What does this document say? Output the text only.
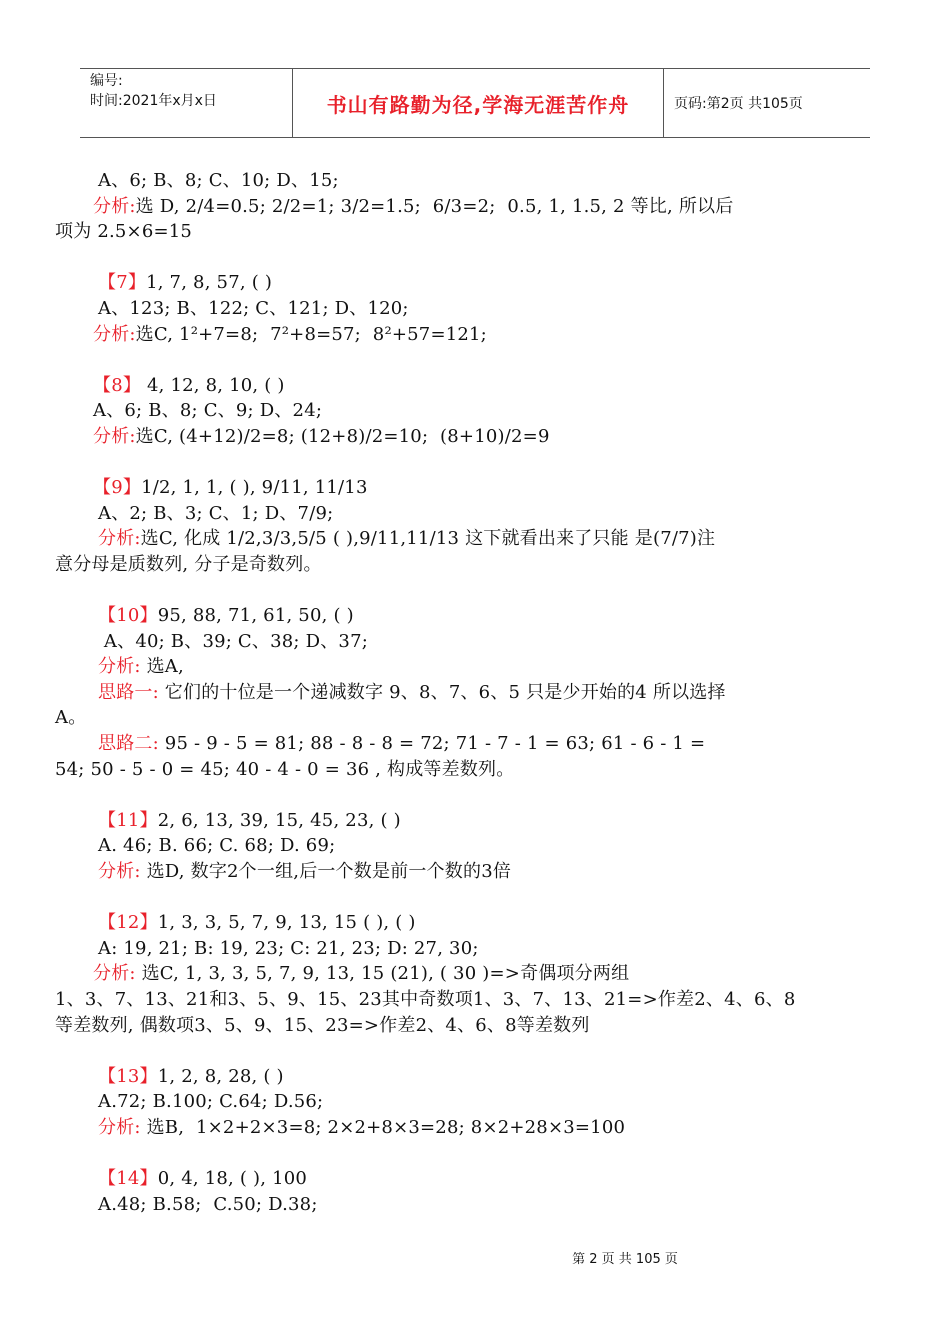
编号:
时间:2021年x月x日	书山有路勤为径,学海无涯苦作舟	页码:第2页 共105页
A、6; B、8; C、10; D、15;
分析:选 D, 2/4=0.5; 2/2=1; 3/2=1.5;  6/3=2;  0.5, 1, 1.5, 2 等比, 所以后
项为 2.5×6=15
【7】1, 7, 8, 57, ( )
A、123; B、122; C、121; D、120;
分析:选C, 1²+7=8;  7²+8=57;  8²+57=121;
【8】 4, 12, 8, 10, ( )
A、6; B、8; C、9; D、24;
分析:选C, (4+12)/2=8; (12+8)/2=10;  (8+10)/2=9
【9】1/2, 1, 1, ( ), 9/11, 11/13
A、2; B、3; C、1; D、7/9;
分析:选C, 化成 1/2,3/3,5/5 ( ),9/11,11/13 这下就看出来了只能 是(7/7)注
意分母是质数列, 分子是奇数列。
【10】95, 88, 71, 61, 50, ( )
A、40; B、39; C、38; D、37;
分析: 选A,
思路一: 它们的十位是一个递减数字 9、8、7、6、5 只是少开始的4 所以选择
A。
思路二: 95 - 9 - 5 = 81; 88 - 8 - 8 = 72; 71 - 7 - 1 = 63; 61 - 6 - 1 =
54; 50 - 5 - 0 = 45; 40 - 4 - 0 = 36 , 构成等差数列。
【11】2, 6, 13, 39, 15, 45, 23, ( )
A. 46; B. 66; C. 68; D. 69;
分析: 选D, 数字2个一组,后一个数是前一个数的3倍
【12】1, 3, 3, 5, 7, 9, 13, 15 ( ), ( )
A: 19, 21; B: 19, 23; C: 21, 23; D: 27, 30;
分析: 选C, 1, 3, 3, 5, 7, 9, 13, 15 (21), ( 30 )=>奇偶项分两组
1、3、7、13、21和3、5、9、15、23其中奇数项1、3、7、13、21=>作差2、4、6、8
等差数列, 偶数项3、5、9、15、23=>作差2、4、6、8等差数列
【13】1, 2, 8, 28, ( )
A.72; B.100; C.64; D.56;
分析: 选B,  1×2+2×3=8; 2×2+8×3=28; 8×2+28×3=100
【14】0, 4, 18, ( ), 100
A.48; B.58;  C.50; D.38;
第 2 页 共 105 页
